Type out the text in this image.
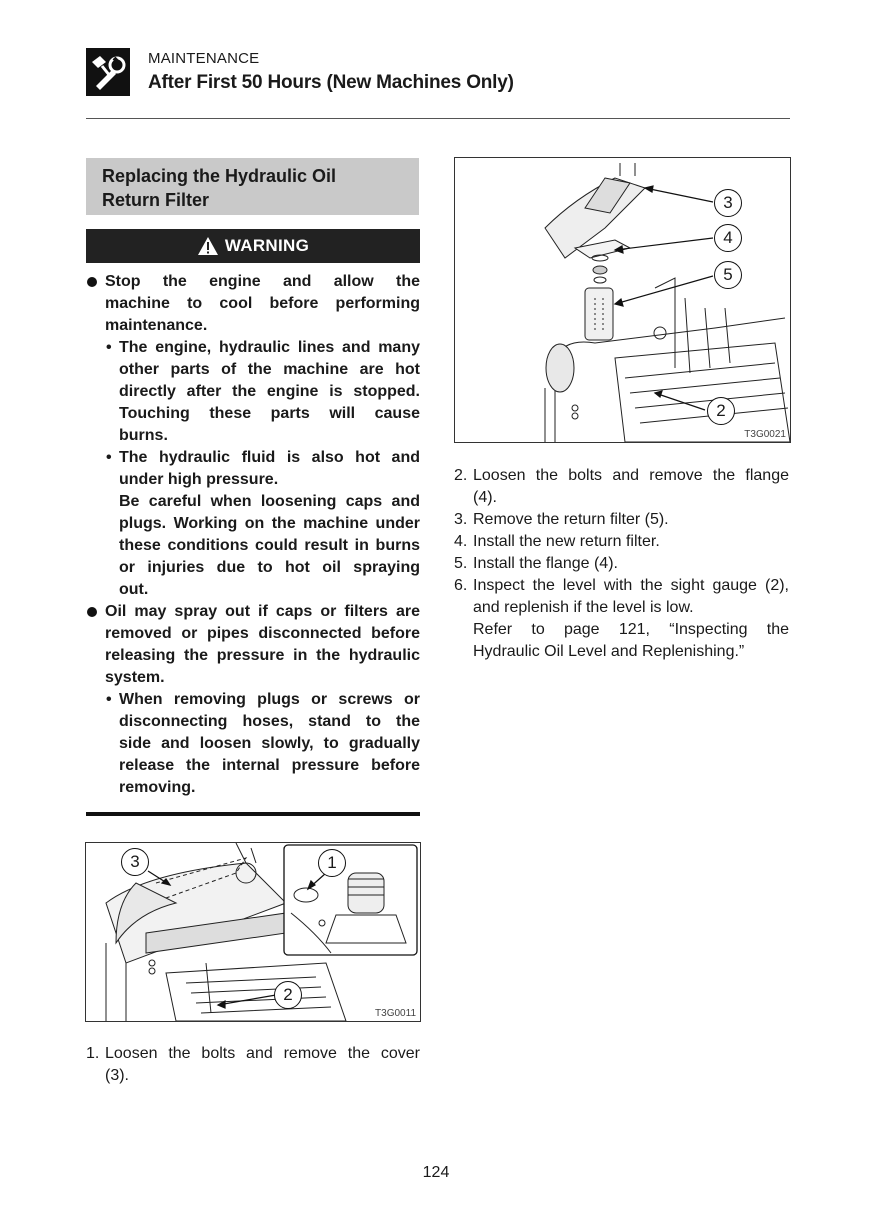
MAINTENANCE
After First 50 Hours (New Machines Only)
Replacing the Hydraulic Oil
Return Filter
WARNING
Stop the engine and allow the
machine to cool before performing
maintenance.
• The engine, hydraulic lines and many
other parts of the machine are hot
directly after the engine is stopped.
Touching these parts will cause
burns.
• The hydraulic fluid is also hot and
under high pressure.
Be careful when loosening caps and
plugs. Working on the machine under
these conditions could result in burns
or injuries due to hot oil spraying
out.
Oil may spray out if caps or filters are
removed or pipes disconnected before
releasing the pressure in the hydraulic
system.
• When removing plugs or screws or
disconnecting hoses, stand to the
side and loosen slowly, to gradually
release the internal pressure before
removing.
3	1
2
T3G0011
3
4
5
2
T3G0021
1. Loosen the bolts and remove the cover
(3).
2. Loosen the bolts and remove the flange
(4).
3. Remove the return filter (5).
4. Install the new return filter.
5. Install the flange (4).
6. Inspect the level with the sight gauge (2),
and replenish if the level is low.
Refer to page 121, “Inspecting the
Hydraulic Oil Level and Replenishing.”
124
